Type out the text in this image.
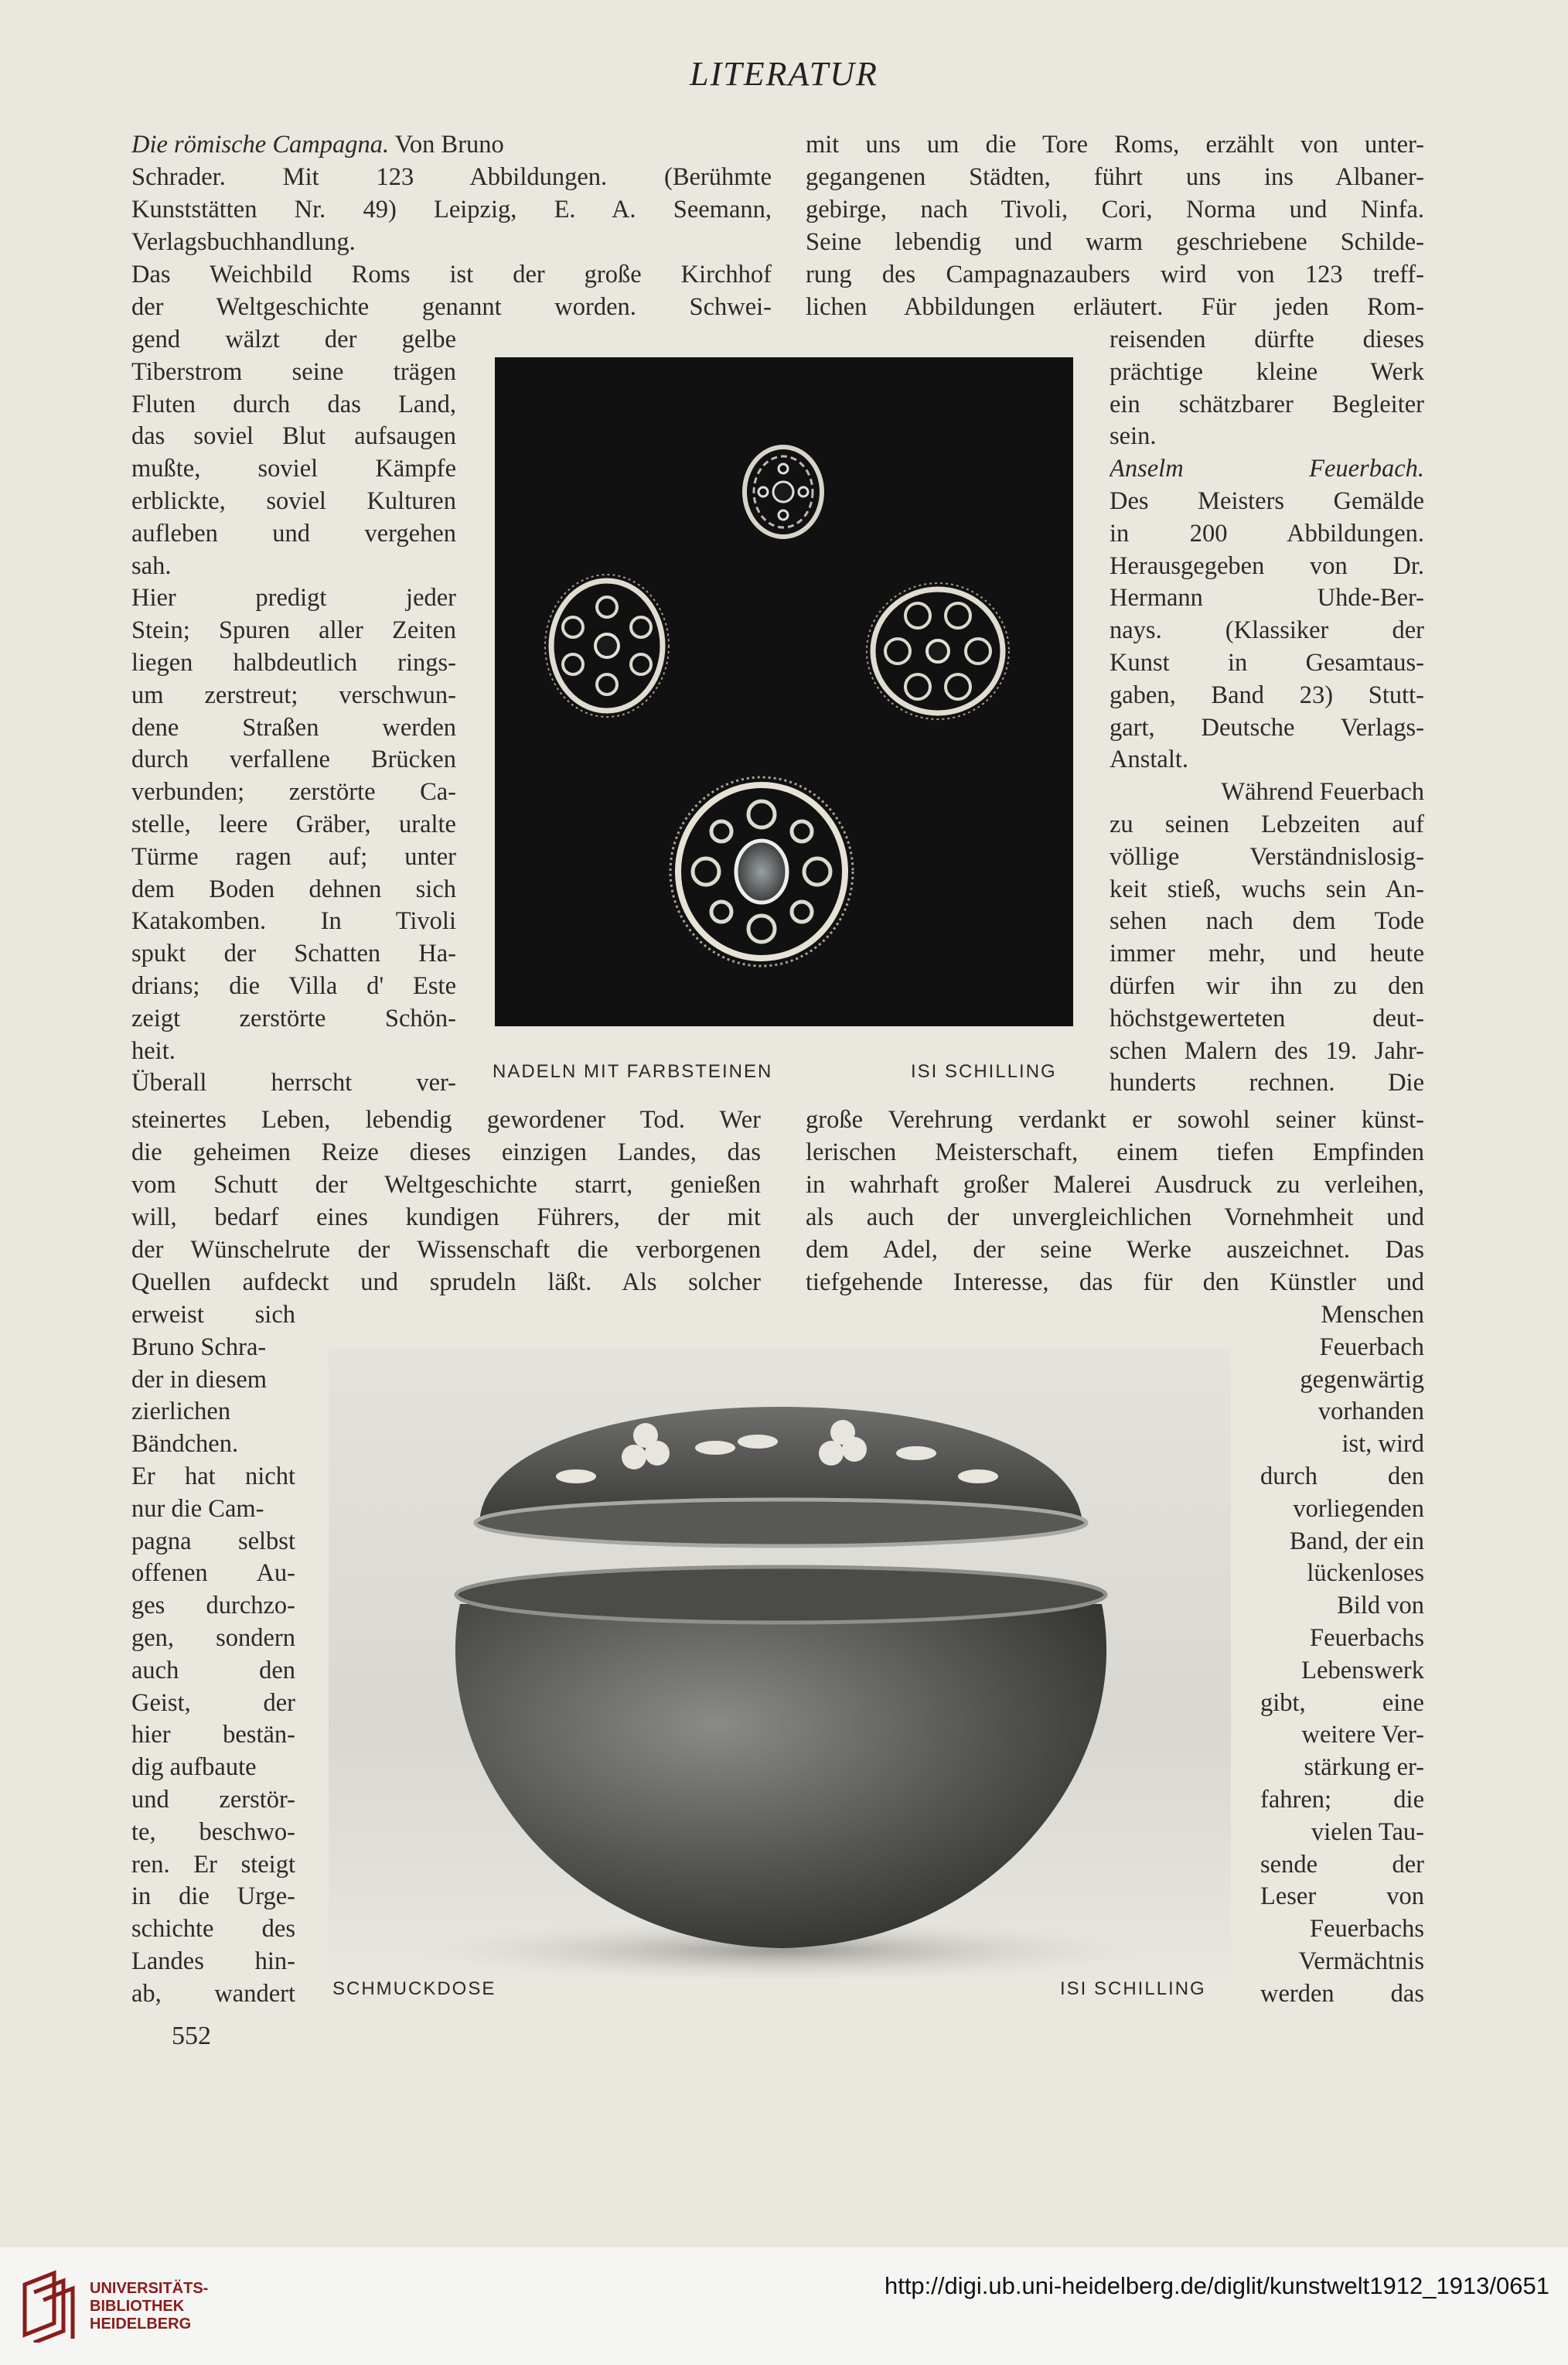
LITERATUR
Die römische Campagna. Von Bruno
Schrader. Mit 123 Abbildungen. (Berühmte
Kunststätten Nr. 49) Leipzig, E. A. Seemann,
Verlagsbuchhandlung.
Das Weichbild Roms ist der große Kirchhof
der Weltgeschichte genannt worden. Schwei-
gend wälzt der gelbe
Tiberstrom seine trägen
Fluten durch das Land,
das soviel Blut aufsaugen
mußte, soviel Kämpfe
erblickte, soviel Kulturen
aufleben und vergehen
sah.
Hier predigt jeder
Stein; Spuren aller Zeiten
liegen halbdeutlich rings-
um zerstreut; verschwun-
dene Straßen werden
durch verfallene Brücken
verbunden; zerstörte Ca-
stelle, leere Gräber, uralte
Türme ragen auf; unter
dem Boden dehnen sich
Katakomben. In Tivoli
spukt der Schatten Ha-
drians; die Villa d' Este
zeigt zerstörte Schön-
heit.
Überall herrscht ver-
steinertes Leben, lebendig gewordener Tod. Wer
die geheimen Reize dieses einzigen Landes, das
vom Schutt der Weltgeschichte starrt, genießen
will, bedarf eines kundigen Führers, der mit
der Wünschelrute der Wissenschaft die verborgenen
Quellen aufdeckt und sprudeln läßt. Als solcher
erweist sich
Bruno Schra-
der in diesem
zierlichen
Bändchen.
Er hat nicht
nur die Cam-
pagna selbst
offenen Au-
ges durchzo-
gen, sondern
auch den
Geist, der
hier bestän-
dig aufbaute
und zerstör-
te, beschwo-
ren. Er steigt
in die Urge-
schichte des
Landes hin-
ab, wandert
mit uns um die Tore Roms, erzählt von unter-
gegangenen Städten, führt uns ins Albaner-
gebirge, nach Tivoli, Cori, Norma und Ninfa.
Seine lebendig und warm geschriebene Schilde-
rung des Campagnazaubers wird von 123 treff-
lichen Abbildungen erläutert. Für jeden Rom-
reisenden dürfte dieses
prächtige kleine Werk
ein schätzbarer Begleiter
sein.
Anselm Feuerbach.
Des Meisters Gemälde
in 200 Abbildungen.
Herausgegeben von Dr.
Hermann Uhde-Ber-
nays. (Klassiker der
Kunst in Gesamtaus-
gaben, Band 23) Stutt-
gart, Deutsche Verlags-
Anstalt.
Während Feuerbach
zu seinen Lebzeiten auf
völlige Verständnislosig-
keit stieß, wuchs sein An-
sehen nach dem Tode
immer mehr, und heute
dürfen wir ihn zu den
höchstgewerteten deut-
schen Malern des 19. Jahr-
hunderts rechnen. Die
große Verehrung verdankt er sowohl seiner künst-
lerischen Meisterschaft, einem tiefen Empfinden
in wahrhaft großer Malerei Ausdruck zu verleihen,
als auch der unvergleichlichen Vornehmheit und
dem Adel, der seine Werke auszeichnet. Das
tiefgehende Interesse, das für den Künstler und
Menschen
Feuerbach
gegenwärtig
vorhanden
ist, wird
durch den
vorliegenden
Band, der ein
lückenloses
Bild von
Feuerbachs
Lebenswerk
gibt, eine
weitere Ver-
stärkung er-
fahren; die
vielen Tau-
sende der
Leser von
Feuerbachs
Vermächtnis
werden das
NADELN MIT FARBSTEINEN	ISI SCHILLING
SCHMUCKDOSE	ISI SCHILLING
552
UNIVERSITÄTS-
BIBLIOTHEK
HEIDELBERG
http://digi.ub.uni-heidelberg.de/diglit/kunstwelt1912_1913/0651
